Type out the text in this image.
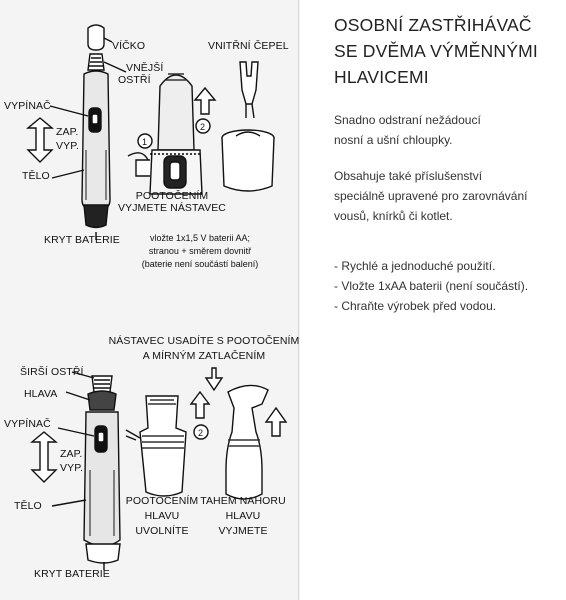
1
2
2
VÍČKO
VNĚJŠÍ
OSTŘÍ
VNITŘNÍ ČEPEL
VYPÍNAČ
ZAP.
VYP.
TĚLO
KRYT BATERIE
POOTOČENÍM
VYJMETE NÁSTAVEC
vložte 1x1,5 V baterii AA;
stranou + směrem dovnitř
(baterie není součástí balení)
NÁSTAVEC USADÍTE S POOTOČENÍM
A MÍRNÝM ZATLAČENÍM
ŠIRŠÍ OSTŘÍ
HLAVA
VYPÍNAČ
ZAP.
VYP.
TĚLO
KRYT BATERIE
POOTOČENÍM
HLAVU
UVOLNÍTE
TAHEM NAHORU
HLAVU
VYJMETE
OSOBNÍ ZASTŘIHÁVAČ
SE DVĚMA VÝMĚNNÝMI
HLAVICEMI
Snadno odstraní nežádoucí
nosní a ušní chloupky.
Obsahuje také příslušenství
speciálně upravené pro zarovnávání
vousů, knírků či kotlet.
- Rychlé a jednoduché použití.
- Vložte 1xAA baterii (není součástí).
- Chraňte výrobek před vodou.
